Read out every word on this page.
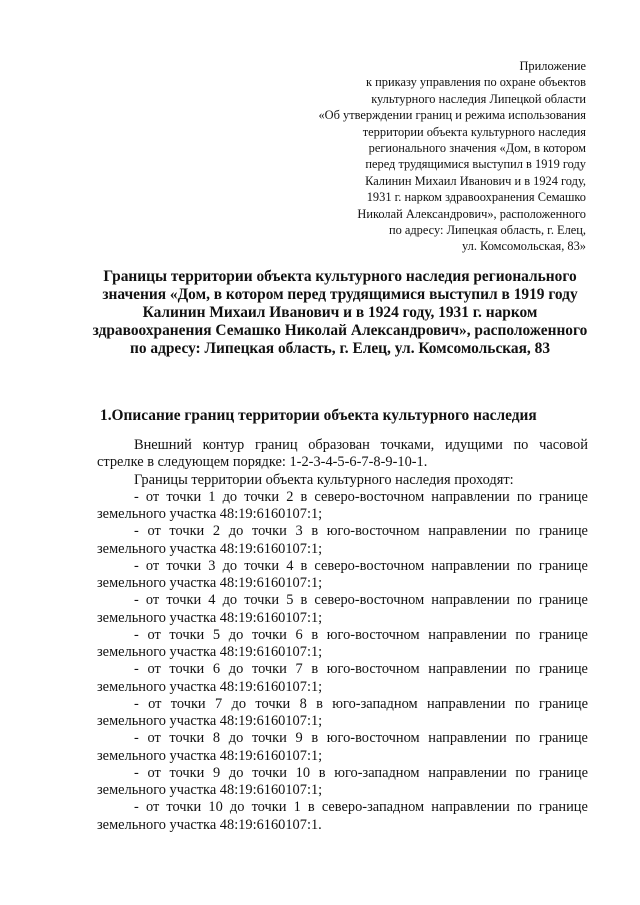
Приложение
к приказу управления по охране объектов
культурного наследия Липецкой области
«Об утверждении границ и режима использования
территории объекта культурного наследия
регионального значения «Дом, в котором
перед трудящимися выступил в 1919 году
Калинин Михаил Иванович и в 1924 году,
1931 г. нарком здравоохранения Семашко
Николай Александрович», расположенного
по адресу: Липецкая область, г. Елец,
ул. Комсомольская, 83»
Границы территории объекта культурного наследия регионального
значения «Дом, в котором перед трудящимися выступил в 1919 году
Калинин Михаил Иванович и в 1924 году, 1931 г. нарком
здравоохранения Семашко Николай Александрович», расположенного
по адресу: Липецкая область, г. Елец, ул. Комсомольская, 83
1.Описание границ территории объекта культурного наследия
Внешний контур границ образован точками, идущими по часовой
стрелке в следующем порядке: 1-2-3-4-5-6-7-8-9-10-1.
Границы территории объекта культурного наследия проходят:
- от точки 1 до точки 2 в северо-восточном направлении по границе
земельного участка 48:19:6160107:1;
- от точки 2 до точки 3 в юго-восточном направлении по границе
земельного участка 48:19:6160107:1;
- от точки 3 до точки 4 в северо-восточном направлении по границе
земельного участка 48:19:6160107:1;
- от точки 4 до точки 5 в северо-восточном направлении по границе
земельного участка 48:19:6160107:1;
- от точки 5 до точки 6 в юго-восточном направлении по границе
земельного участка 48:19:6160107:1;
- от точки 6 до точки 7 в юго-восточном направлении по границе
земельного участка 48:19:6160107:1;
- от точки 7 до точки 8 в юго-западном направлении по границе
земельного участка 48:19:6160107:1;
- от точки 8 до точки 9 в юго-восточном направлении по границе
земельного участка 48:19:6160107:1;
- от точки 9 до точки 10 в юго-западном направлении по границе
земельного участка 48:19:6160107:1;
- от точки 10 до точки 1 в северо-западном направлении по границе
земельного участка 48:19:6160107:1.
